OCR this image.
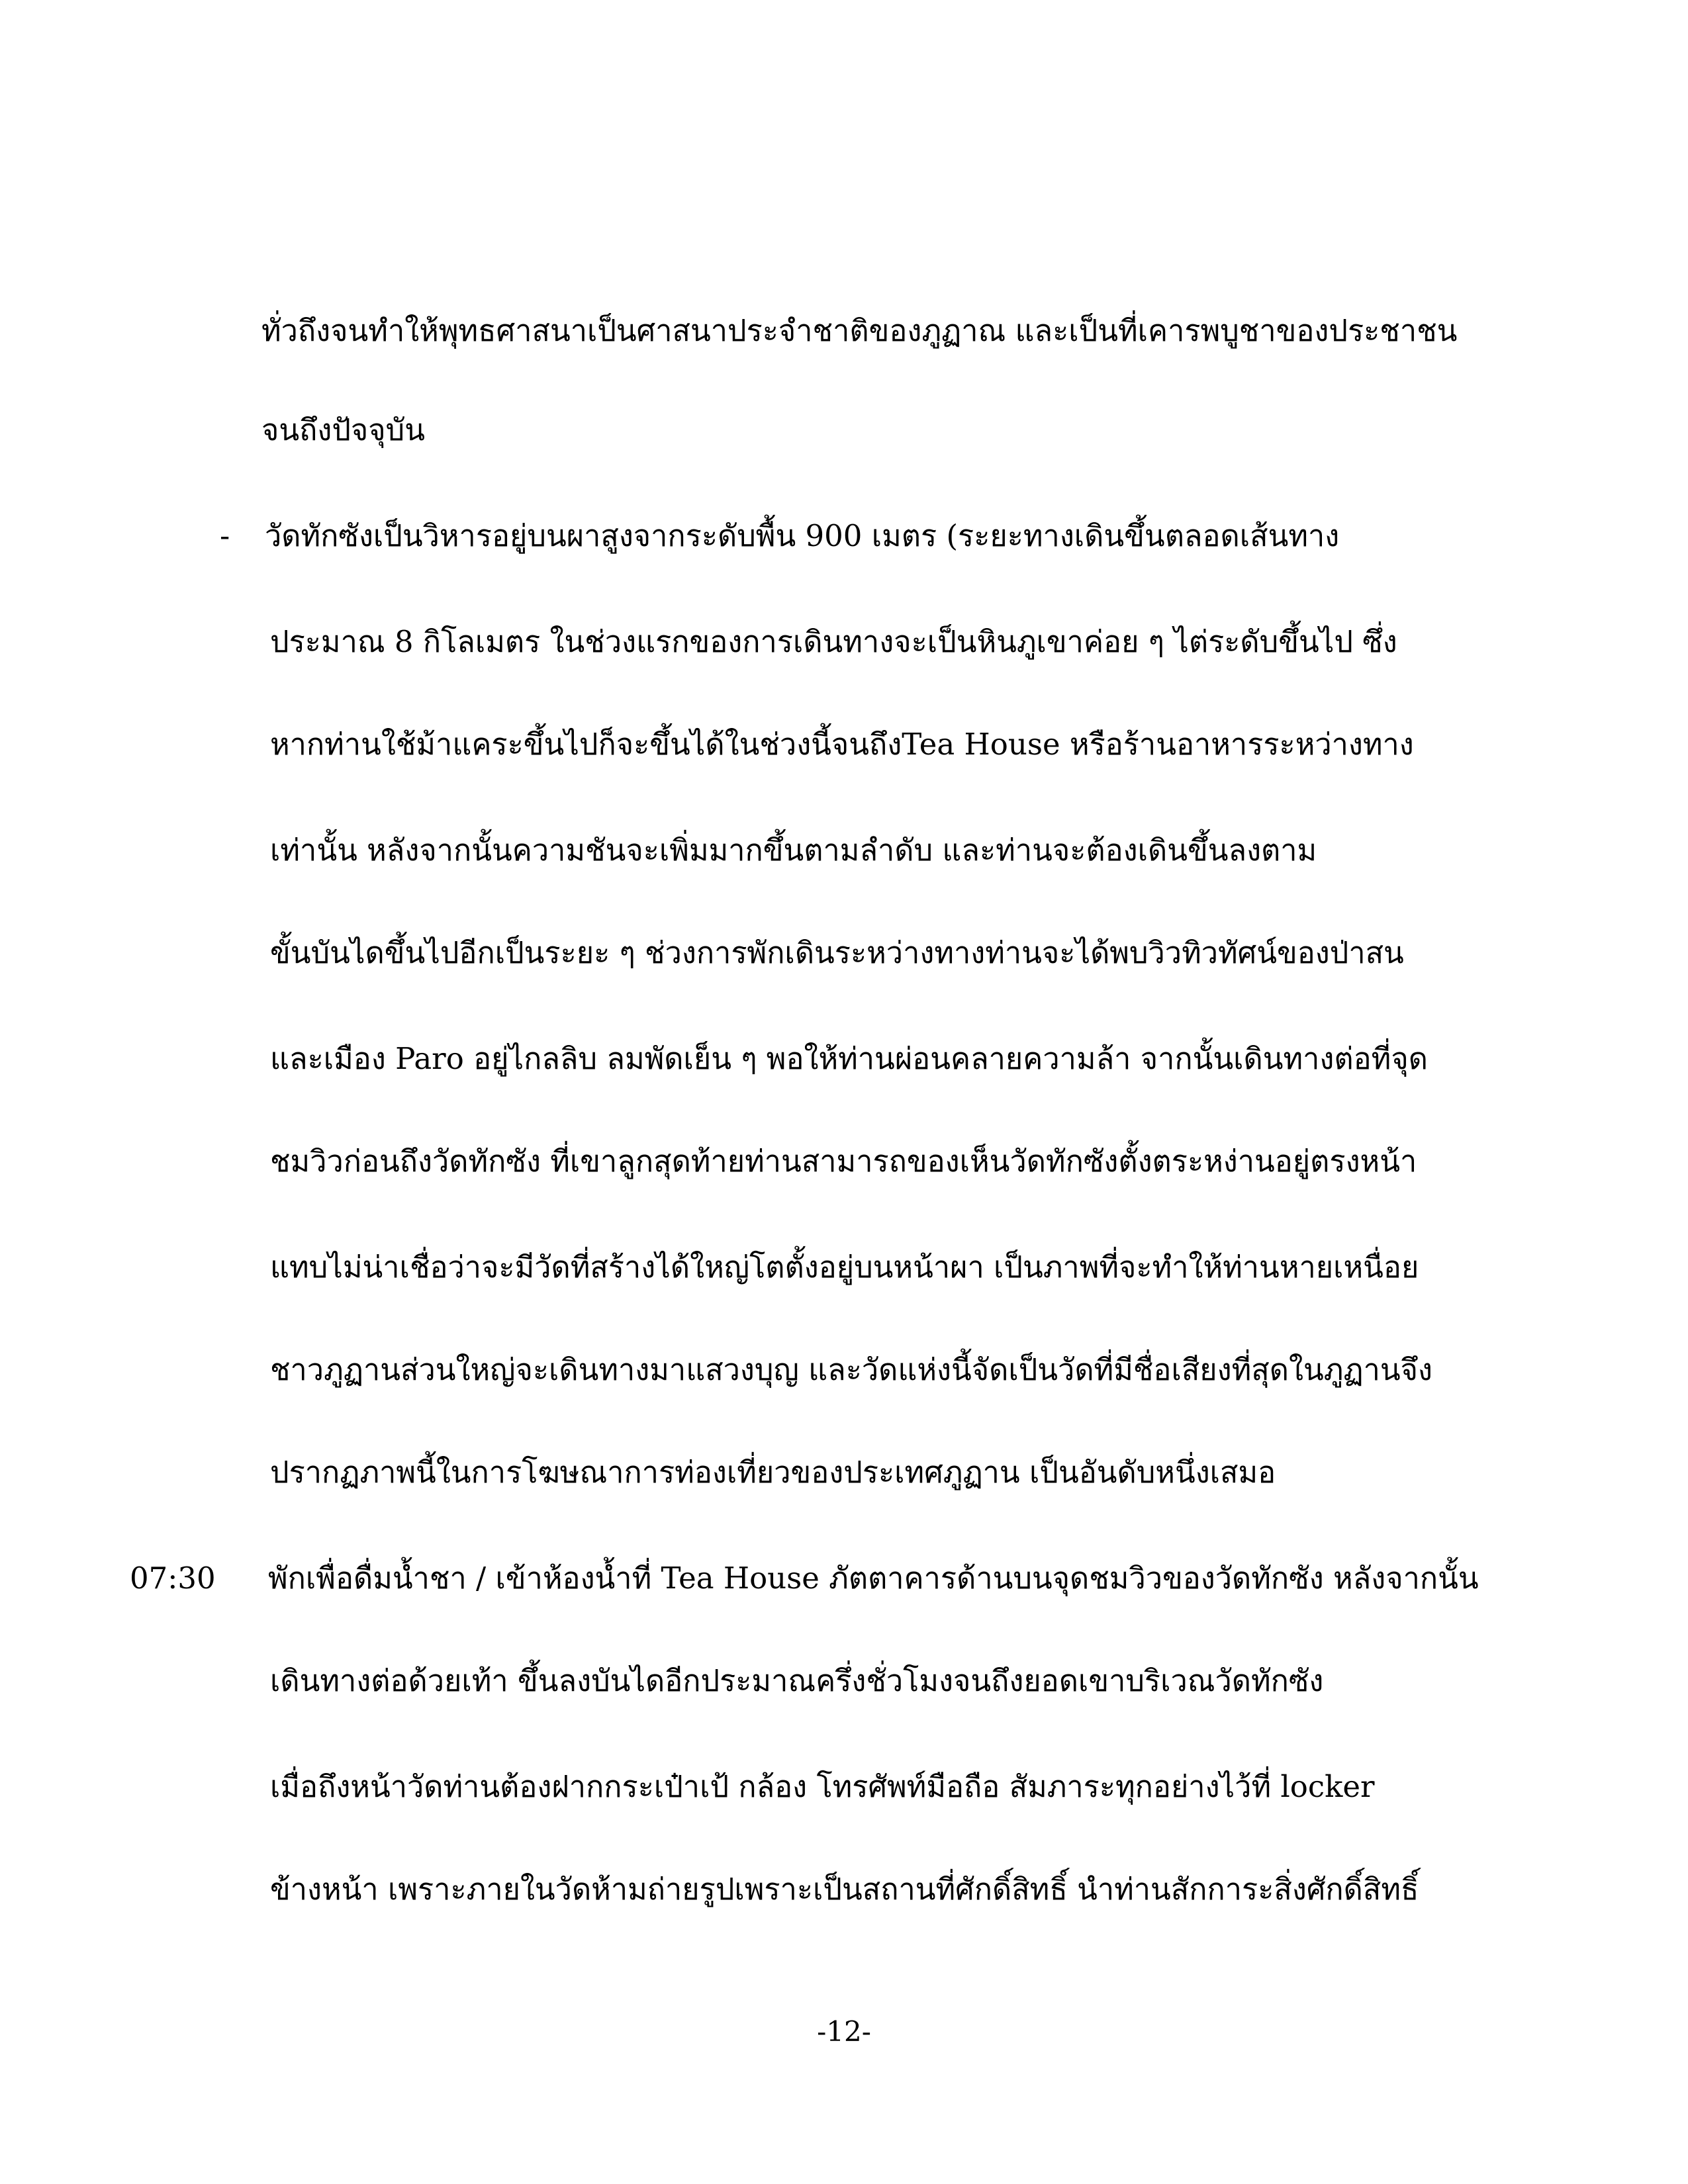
ทั่วถึงจนทำให้พุทธศาสนาเป็นศาสนาประจำชาติของภูฏาณ และเป็นที่เคารพบูชาของประชาชน
จนถึงปัจจุบัน
- วัดทักซังเป็นวิหารอยู่บนผาสูงจากระดับพื้น 900 เมตร (ระยะทางเดินขึ้นตลอดเส้นทาง
ประมาณ 8 กิโลเมตร ในช่วงแรกของการเดินทางจะเป็นหินภูเขาค่อย ๆ ไต่ระดับขึ้นไป ซึ่ง
หากท่านใช้ม้าแคระขึ้นไปก็จะขึ้นได้ในช่วงนี้จนถึงTea House หรือร้านอาหารระหว่างทาง
เท่านั้น หลังจากนั้นความชันจะเพิ่มมากขึ้นตามลำดับ และท่านจะต้องเดินขึ้นลงตาม
ขั้นบันไดขึ้นไปอีกเป็นระยะ ๆ ช่วงการพักเดินระหว่างทางท่านจะได้พบวิวทิวทัศน์ของป่าสน
และเมือง Paro อยู่ไกลลิบ ลมพัดเย็น ๆ พอให้ท่านผ่อนคลายความล้า จากนั้นเดินทางต่อที่จุด
ชมวิวก่อนถึงวัดทักซัง ที่เขาลูกสุดท้ายท่านสามารถของเห็นวัดทักซังตั้งตระหง่านอยู่ตรงหน้า
แทบไม่น่าเชื่อว่าจะมีวัดที่สร้างได้ใหญ่โตตั้งอยู่บนหน้าผา เป็นภาพที่จะทำให้ท่านหายเหนื่อย
ชาวภูฏานส่วนใหญ่จะเดินทางมาแสวงบุญ และวัดแห่งนี้จัดเป็นวัดที่มีชื่อเสียงที่สุดในภูฏานจึง
ปรากฏภาพนี้ในการโฆษณาการท่องเที่ยวของประเทศภูฏาน เป็นอันดับหนึ่งเสมอ
07:30 พักเพื่อดื่มน้ำชา / เข้าห้องน้ำที่ Tea House ภัตตาคารด้านบนจุดชมวิวของวัดทักซัง หลังจากนั้น
เดินทางต่อด้วยเท้า ขึ้นลงบันไดอีกประมาณครึ่งชั่วโมงจนถึงยอดเขาบริเวณวัดทักซัง
เมื่อถึงหน้าวัดท่านต้องฝากกระเป๋าเป้ กล้อง โทรศัพท์มือถือ สัมภาระทุกอย่างไว้ที่ locker
ข้างหน้า เพราะภายในวัดห้ามถ่ายรูปเพราะเป็นสถานที่ศักดิ์สิทธิ์ นำท่านสักการะสิ่งศักดิ์สิทธิ์
-12-
